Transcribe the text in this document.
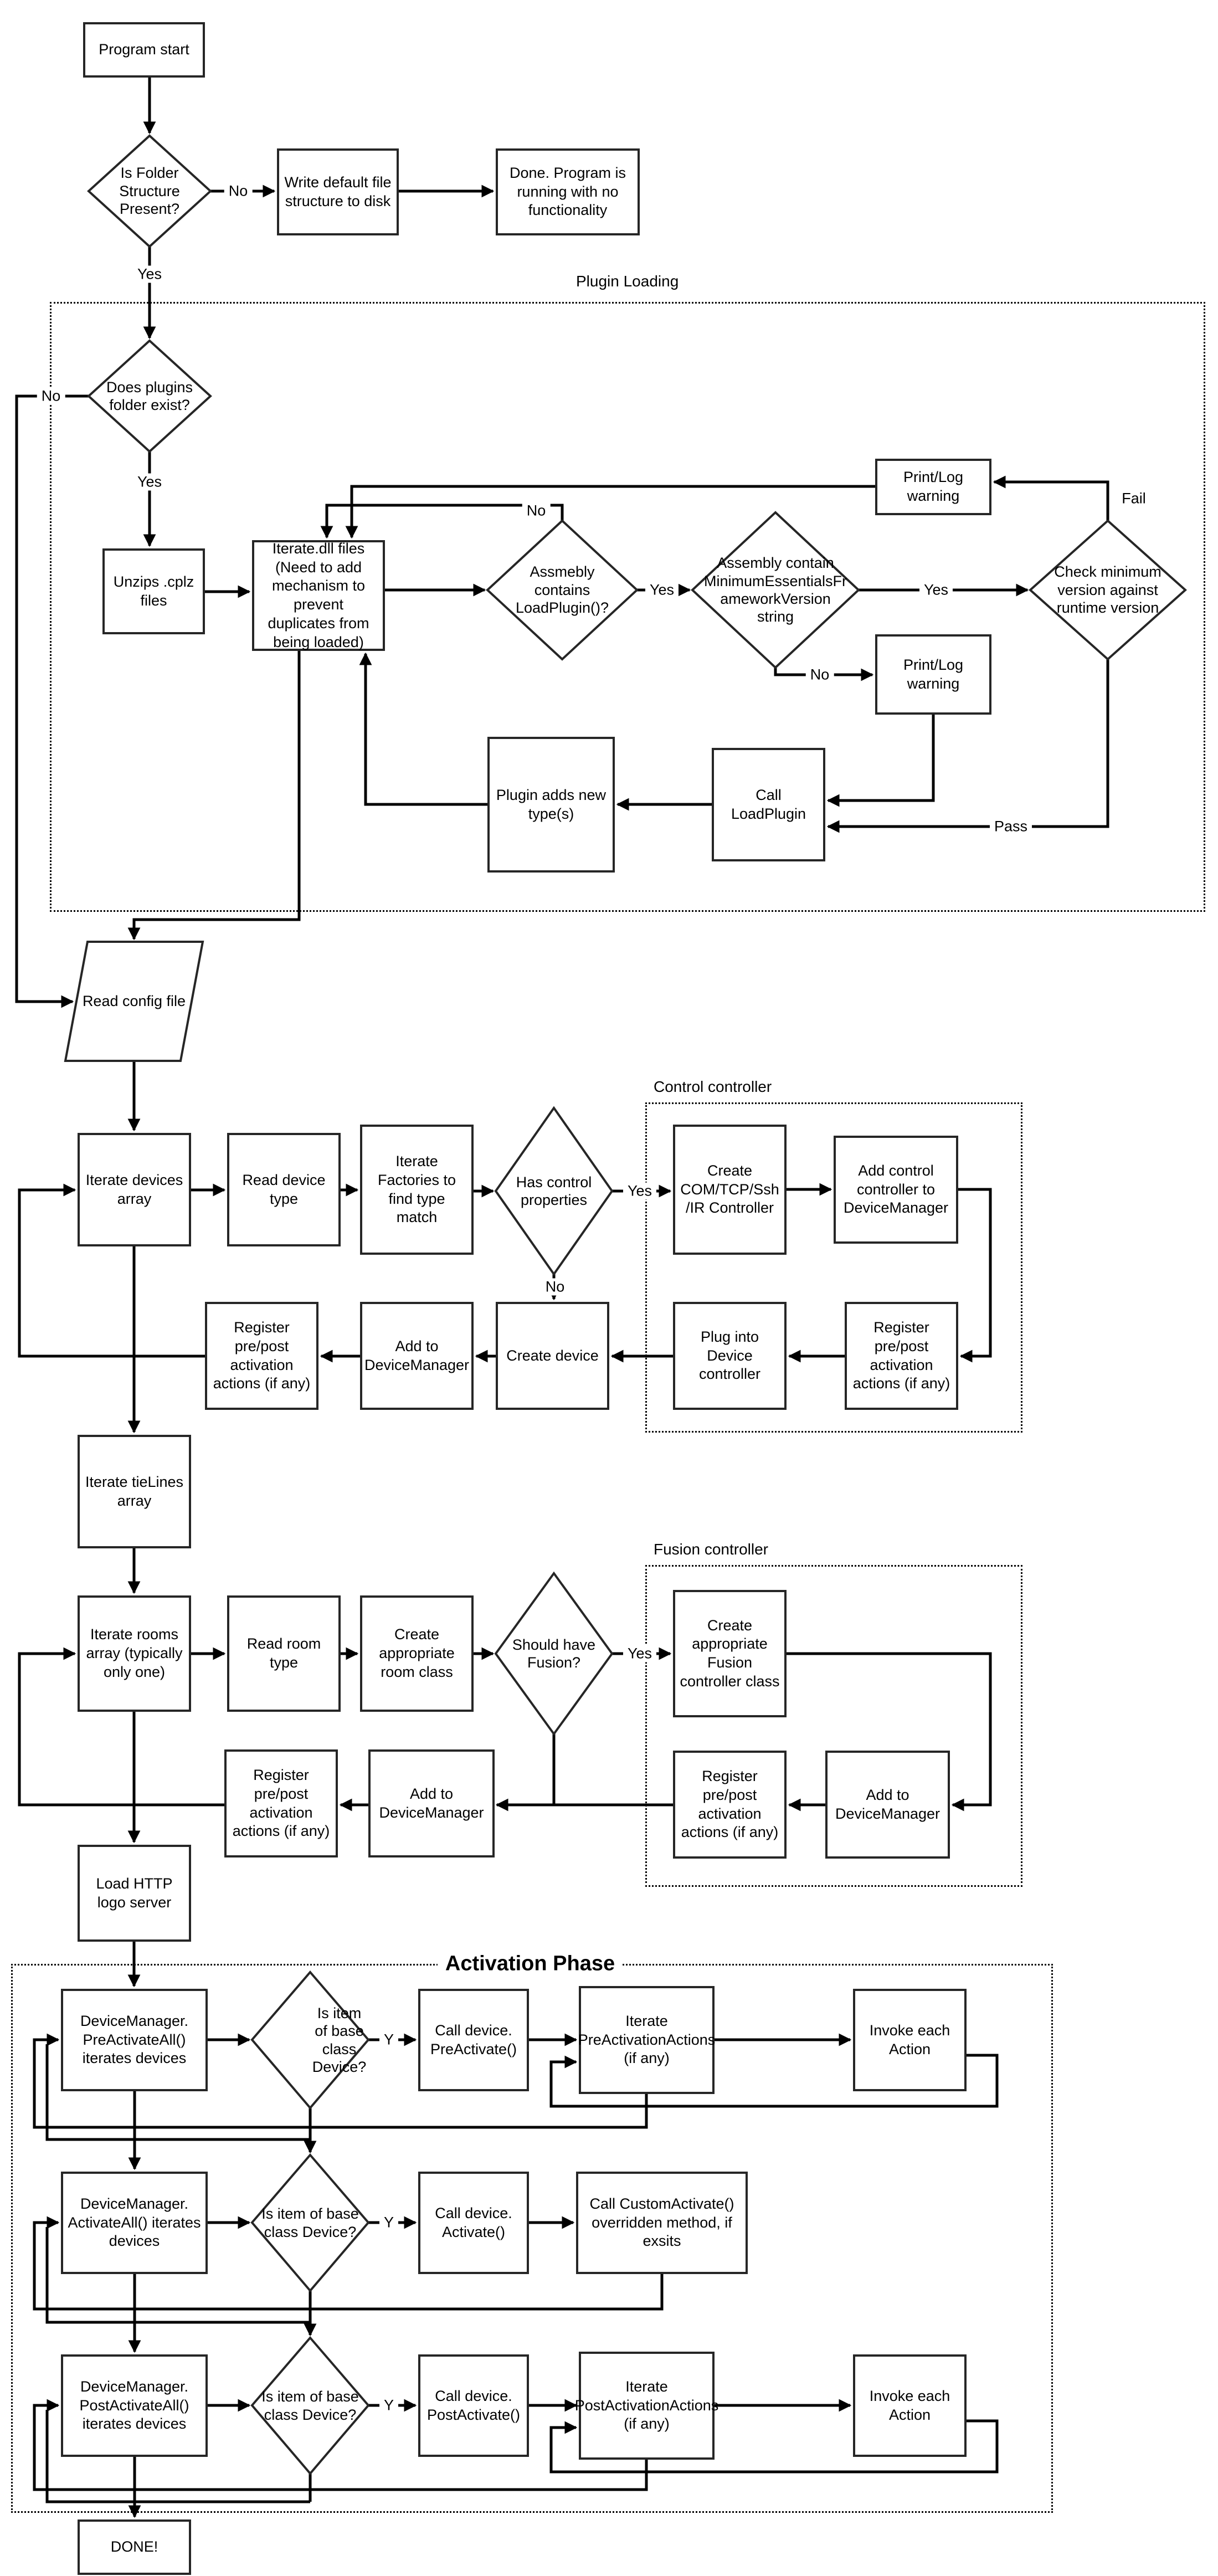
Plugin Loading
Control controller
Fusion controller
Activation Phase
Program start
Write default file structure to disk
Done. Program is running with no functionality
Unzips .cplz files
Iterate.dll files (Need to add mechanism to prevent duplicates from being loaded)
Print/Log warning
Print/Log warning
Call LoadPlugin
Plugin adds new type(s)
Iterate devices array
Read device type
Iterate Factories to find type match
Create COM/TCP/Ssh /IR Controller
Add control controller to DeviceManager
Register pre/post activation actions (if any)
Plug into Device controller
Create device
Add to DeviceManager
Register pre/post activation actions (if any)
Iterate tieLines array
Iterate rooms array (typically only one)
Read room type
Create appropriate room class
Create appropriate Fusion controller class
Register pre/post activation actions (if any)
Add to DeviceManager
Add to DeviceManager
Register pre/post activation actions (if any)
Load HTTP logo server
DeviceManager. PreActivateAll() iterates devices
Call device. PreActivate()
Iterate PreActivationActions (if any)
Invoke each Action
DeviceManager. ActivateAll() iterates devices
Call device. Activate()
Call CustomActivate() overridden method, if exsits
DeviceManager. PostActivateAll() iterates devices
Call device. PostActivate()
Iterate PostActivationActions (if any)
Invoke each Action
DONE!
Is Folder Structure Present?
Does plugins folder exist?
Assmebly contains LoadPlugin()?
Assembly contain MinimumEssentialsFrameworkVersion string
Check minimum version against runtime version
Has control properties
Should have Fusion?
Is item of base class Device?
Is item of base class Device?
Is item of base class Device?
Read config file
No
Yes
No
Yes
No
Yes	Yes
No
Fail
Pass
Yes
No
Yes
Y
Y
Y
